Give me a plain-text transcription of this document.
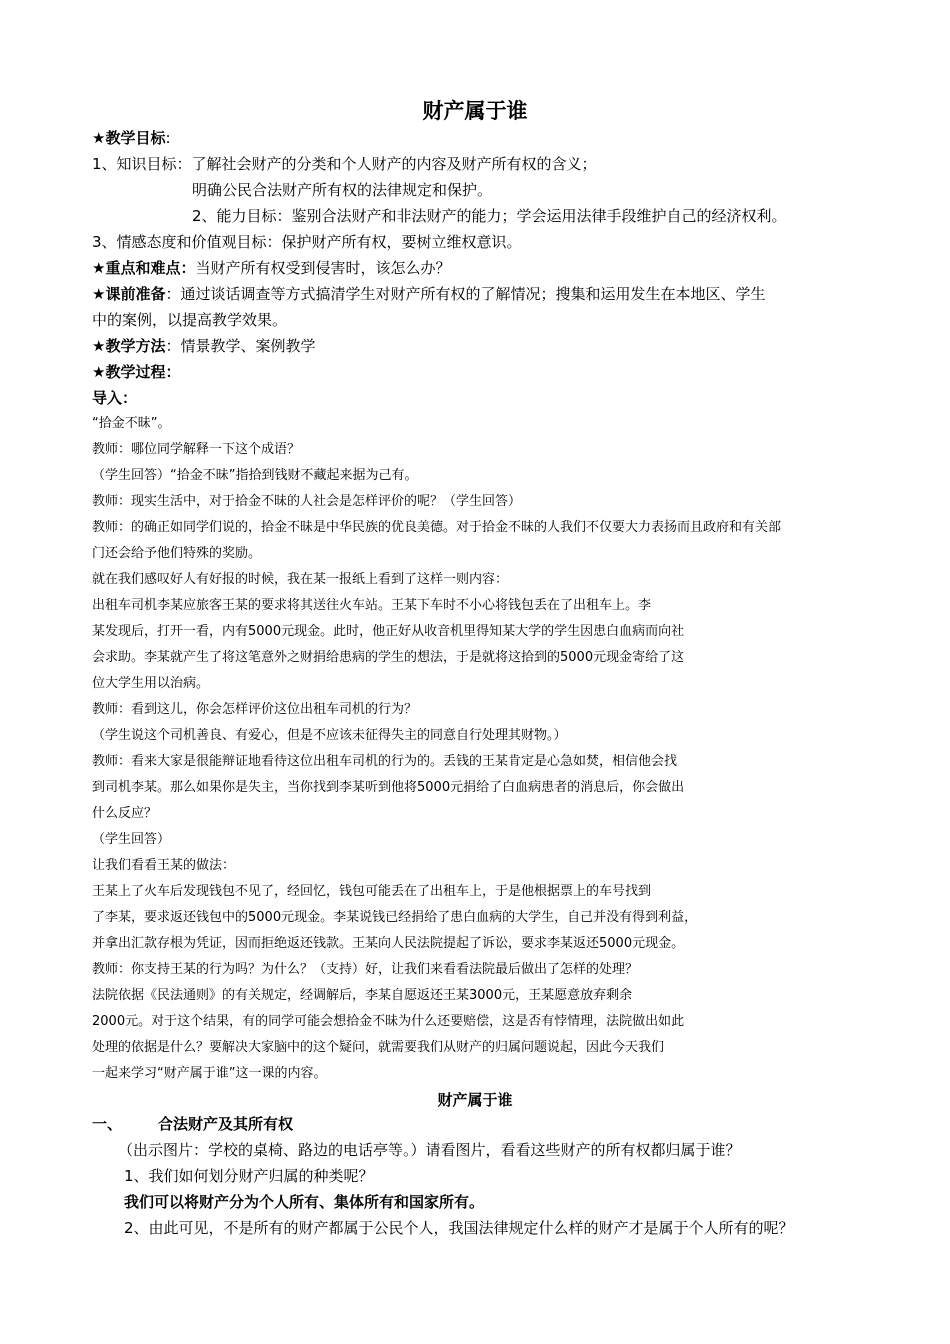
财产属于谁
★教学目标:
1、知识目标：了解社会财产的分类和个人财产的内容及财产所有权的含义；
明确公民合法财产所有权的法律规定和保护。
2、能力目标：鉴别合法财产和非法财产的能力；学会运用法律手段维护自己的经济权利。
3、情感态度和价值观目标：保护财产所有权，要树立维权意识。
★重点和难点：当财产所有权受到侵害时，该怎么办？
★课前准备：通过谈话调查等方式搞清学生对财产所有权的了解情况；搜集和运用发生在本地区、学生
中的案例，以提高教学效果。
★教学方法：情景教学、案例教学
★教学过程：
导入：
“拾金不昧”。
教师：哪位同学解释一下这个成语？
（学生回答）“拾金不昧”指拾到钱财不藏起来据为己有。
教师：现实生活中，对于拾金不昧的人社会是怎样评价的呢？（学生回答）
教师：的确正如同学们说的，拾金不昧是中华民族的优良美德。对于拾金不昧的人我们不仅要大力表扬而且政府和有关部
门还会给予他们特殊的奖励。
就在我们感叹好人有好报的时候，我在某一报纸上看到了这样一则内容：
出租车司机李某应旅客王某的要求将其送往火车站。王某下车时不小心将钱包丢在了出租车上。李
某发现后，打开一看，内有5000元现金。此时，他正好从收音机里得知某大学的学生因患白血病而向社
会求助。李某就产生了将这笔意外之财捐给患病的学生的想法，于是就将这拾到的5000元现金寄给了这
位大学生用以治病。
教师：看到这儿，你会怎样评价这位出租车司机的行为？
（学生说这个司机善良、有爱心，但是不应该未征得失主的同意自行处理其财物。）
教师：看来大家是很能辩证地看待这位出租车司机的行为的。丢钱的王某肯定是心急如焚，相信他会找
到司机李某。那么如果你是失主，当你找到李某听到他将5000元捐给了白血病患者的消息后，你会做出
什么反应？
（学生回答）
让我们看看王某的做法：
王某上了火车后发现钱包不见了，经回忆，钱包可能丢在了出租车上，于是他根据票上的车号找到
了李某，要求返还钱包中的5000元现金。李某说钱已经捐给了患白血病的大学生，自己并没有得到利益，
并拿出汇款存根为凭证，因而拒绝返还钱款。王某向人民法院提起了诉讼，要求李某返还5000元现金。
教师：你支持王某的行为吗？为什么？（支持）好，让我们来看看法院最后做出了怎样的处理？
法院依据《民法通则》的有关规定，经调解后，李某自愿返还王某3000元，王某愿意放弃剩余
2000元。对于这个结果，有的同学可能会想拾金不昧为什么还要赔偿，这是否有悖情理，法院做出如此
处理的依据是什么？要解决大家脑中的这个疑问，就需要我们从财产的归属问题说起，因此今天我们
一起来学习“财产属于谁”这一课的内容。
财产属于谁
一、 合法财产及其所有权
（出示图片：学校的桌椅、路边的电话亭等。）请看图片，看看这些财产的所有权都归属于谁？
1、我们如何划分财产归属的种类呢？
我们可以将财产分为个人所有、集体所有和国家所有。
2、由此可见，不是所有的财产都属于公民个人，我国法律规定什么样的财产才是属于个人所有的呢？
